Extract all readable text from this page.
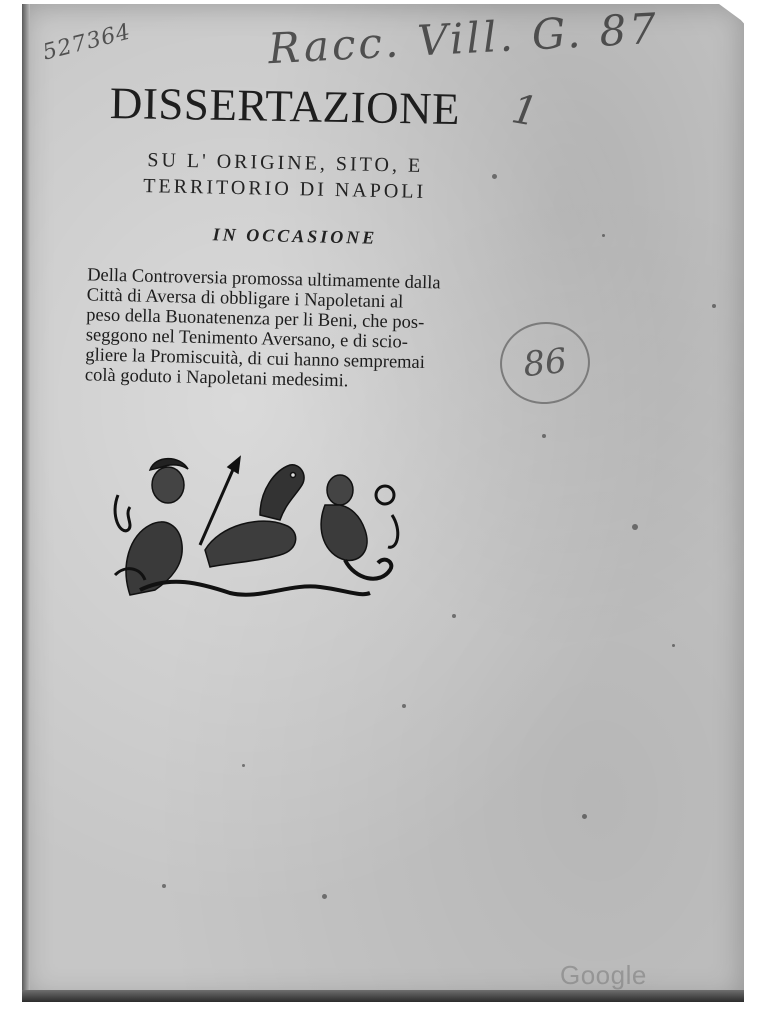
527364	Racc. Vill. G. 87
1
DISSERTAZIONE
SU L' ORIGINE, SITO, E
TERRITORIO DI NAPOLI
IN OCCASIONE
Della Controversia promossa ultimamente dalla
Città di Aversa di obbligare i Napoletani al
peso della Buonatenenza per li Beni, che pos-
seggono nel Tenimento Aversano, e di scio-
gliere la Promiscuità, di cui hanno sempremai
colà goduto i Napoletani medesimi.	86
Google
